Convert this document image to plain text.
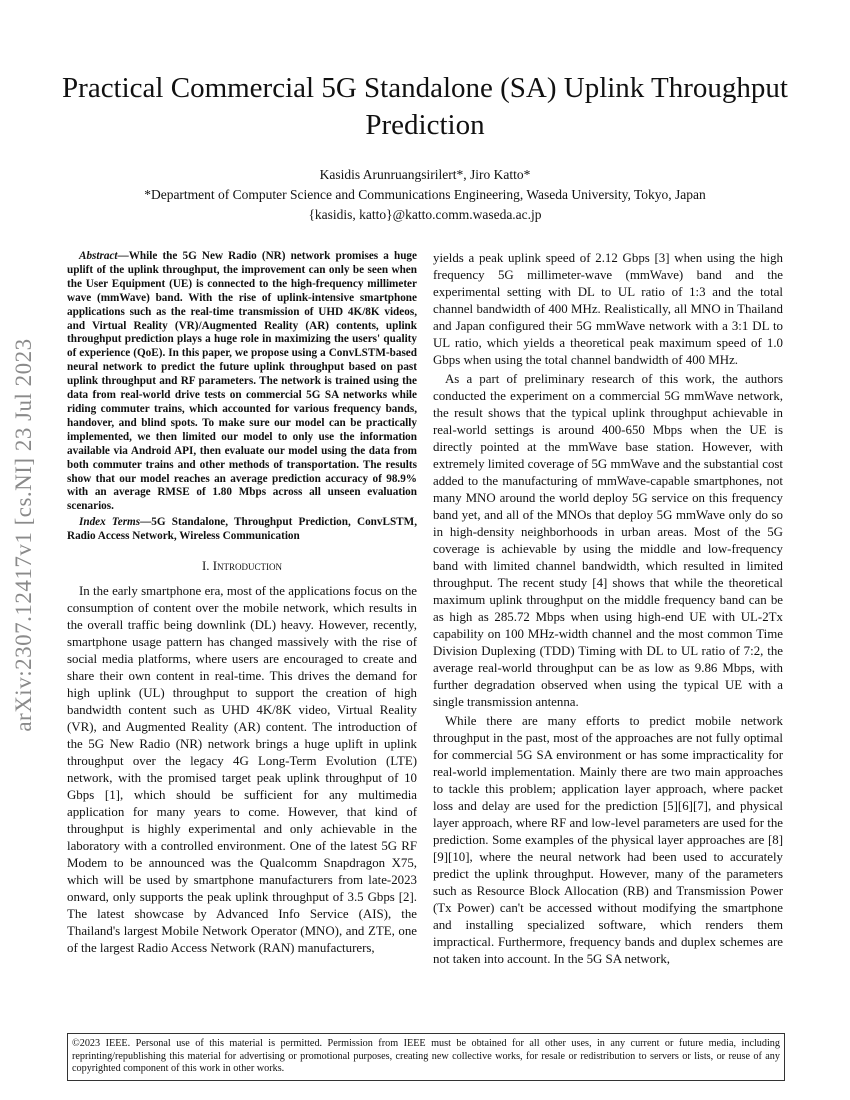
Practical Commercial 5G Standalone (SA) Uplink Throughput Prediction
Kasidis Arunruangsirilert*, Jiro Katto*
*Department of Computer Science and Communications Engineering, Waseda University, Tokyo, Japan
{kasidis, katto}@katto.comm.waseda.ac.jp
arXiv:2307.12417v1 [cs.NI] 23 Jul 2023
Abstract—While the 5G New Radio (NR) network promises a huge uplift of the uplink throughput, the improvement can only be seen when the User Equipment (UE) is connected to the high-frequency millimeter wave (mmWave) band. With the rise of uplink-intensive smartphone applications such as the real-time transmission of UHD 4K/8K videos, and Virtual Reality (VR)/Augmented Reality (AR) contents, uplink throughput prediction plays a huge role in maximizing the users' quality of experience (QoE). In this paper, we propose using a ConvLSTM-based neural network to predict the future uplink throughput based on past uplink throughput and RF parameters. The network is trained using the data from real-world drive tests on commercial 5G SA networks while riding commuter trains, which accounted for various frequency bands, handover, and blind spots. To make sure our model can be practically implemented, we then limited our model to only use the information available via Android API, then evaluate our model using the data from both commuter trains and other methods of transportation. The results show that our model reaches an average prediction accuracy of 98.9% with an average RMSE of 1.80 Mbps across all unseen evaluation scenarios.
Index Terms—5G Standalone, Throughput Prediction, ConvLSTM, Radio Access Network, Wireless Communication
I. Introduction

In the early smartphone era, most of the applications focus on the consumption of content over the mobile network, which results in the overall traffic being downlink (DL) heavy. However, recently, smartphone usage pattern has changed massively with the rise of social media platforms, where users are encouraged to create and share their own content in real-time. This drives the demand for high uplink (UL) throughput to support the creation of high bandwidth content such as UHD 4K/8K video, Virtual Reality (VR), and Augmented Reality (AR) content. The introduction of the 5G New Radio (NR) network brings a huge uplift in uplink throughput over the legacy 4G Long-Term Evolution (LTE) network, with the promised target peak uplink throughput of 10 Gbps [1], which should be sufficient for any multimedia application for many years to come. However, that kind of throughput is highly experimental and only achievable in the laboratory with a controlled environment. One of the latest 5G RF Modem to be announced was the Qualcomm Snapdragon X75, which will be used by smartphone manufacturers from late-2023 onward, only supports the peak uplink throughput of 3.5 Gbps [2]. The latest showcase by Advanced Info Service (AIS), the Thailand's largest Mobile Network Operator (MNO), and ZTE, one of the largest Radio Access Network (RAN) manufacturers,

yields a peak uplink speed of 2.12 Gbps [3] when using the high frequency 5G millimeter-wave (mmWave) band and the experimental setting with DL to UL ratio of 1:3 and the total channel bandwidth of 400 MHz. Realistically, all MNO in Thailand and Japan configured their 5G mmWave network with a 3:1 DL to UL ratio, which yields a theoretical peak maximum speed of 1.0 Gbps when using the total channel bandwidth of 400 MHz.

As a part of preliminary research of this work, the authors conducted the experiment on a commercial 5G mmWave network, the result shows that the typical uplink throughput achievable in real-world settings is around 400-650 Mbps when the UE is directly pointed at the mmWave base station. However, with extremely limited coverage of 5G mmWave and the substantial cost added to the manufacturing of mmWave-capable smartphones, not many MNO around the world deploy 5G service on this frequency band yet, and all of the MNOs that deploy 5G mmWave only do so in high-density neighborhoods in urban areas. Most of the 5G coverage is achievable by using the middle and low-frequency band with limited channel bandwidth, which resulted in limited throughput. The recent study [4] shows that while the theoretical maximum uplink throughput on the middle frequency band can be as high as 285.72 Mbps when using high-end UE with UL-2Tx capability on 100 MHz-width channel and the most common Time Division Duplexing (TDD) Timing with DL to UL ratio of 7:2, the average real-world throughput can be as low as 9.86 Mbps, with further degradation observed when using the typical UE with a single transmission antenna.

While there are many efforts to predict mobile network throughput in the past, most of the approaches are not fully optimal for commercial 5G SA environment or has some impracticality for real-world implementation. Mainly there are two main approaches to tackle this problem; application layer approach, where packet loss and delay are used for the prediction [5][6][7], and physical layer approach, where RF and low-level parameters are used for the prediction. Some examples of the physical layer approaches are [8][9][10], where the neural network had been used to accurately predict the uplink throughput. However, many of the parameters such as Resource Block Allocation (RB) and Transmission Power (Tx Power) can't be accessed without modifying the smartphone and installing specialized software, which renders them impractical. Furthermore, frequency bands and duplex schemes are not taken into account. In the 5G SA network,

©2023 IEEE. Personal use of this material is permitted. Permission from IEEE must be obtained for all other uses, in any current or future media, including reprinting/republishing this material for advertising or promotional purposes, creating new collective works, for resale or redistribution to servers or lists, or reuse of any copyrighted component of this work in other works.
